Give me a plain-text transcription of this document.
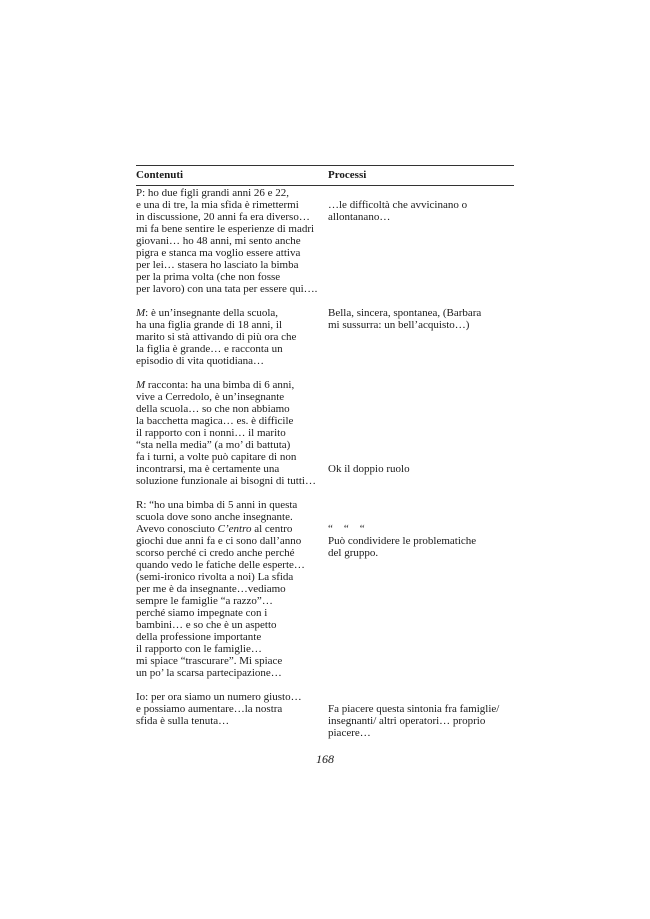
Contenuti	Processi
P: ho due figli grandi anni 26 e 22,
e una di tre, la mia sfida è rimettermi
in discussione, 20 anni fa era diverso…
mi fa bene sentire le esperienze di madri
giovani… ho 48 anni, mi sento anche
pigra e stanca ma voglio essere attiva
per lei… stasera ho lasciato la bimba
per la prima volta (che non fosse
per lavoro) con una tata per essere qui….
…le difficoltà che avvicinano o
allontanano…
M: è un’insegnante della scuola,
ha una figlia grande di 18 anni, il
marito si stà attivando di più ora che
la figlia è grande… e racconta un
episodio di vita quotidiana…
Bella, sincera, spontanea, (Barbara
mi sussurra: un bell’acquisto…)
M racconta: ha una bimba di 6 anni,
vive a Cerredolo, è un’insegnante
della scuola… so che non abbiamo
la bacchetta magica… es. è difficile
il rapporto con i nonni… il marito
“sta nella media” (a mo’ di battuta)
fa i turni, a volte può capitare di non
incontrarsi, ma è certamente una
soluzione funzionale ai bisogni di tutti…
Ok il doppio ruolo
R: “ho una bimba di 5 anni in questa
scuola dove sono anche insegnante.
Avevo conosciuto C’entro al centro
giochi due anni fa e ci sono dall’anno
scorso perché ci credo anche perché
quando vedo le fatiche delle esperte…
(semi-ironico rivolta a noi) La sfida
per me è da insegnante…vediamo
sempre le famiglie “a razzo”…
perché siamo impegnate con i
bambini… e so che è un aspetto
della professione importante
il rapporto con le famiglie…
mi spiace “trascurare”. Mi spiace
un po’ la scarsa partecipazione…
“    “    “
Può condividere le problematiche
del gruppo.
Io: per ora siamo un numero giusto…
e possiamo aumentare…la nostra
sfida è sulla tenuta…
Fa piacere questa sintonia fra famiglie/
insegnanti/ altri operatori… proprio
piacere…
168
